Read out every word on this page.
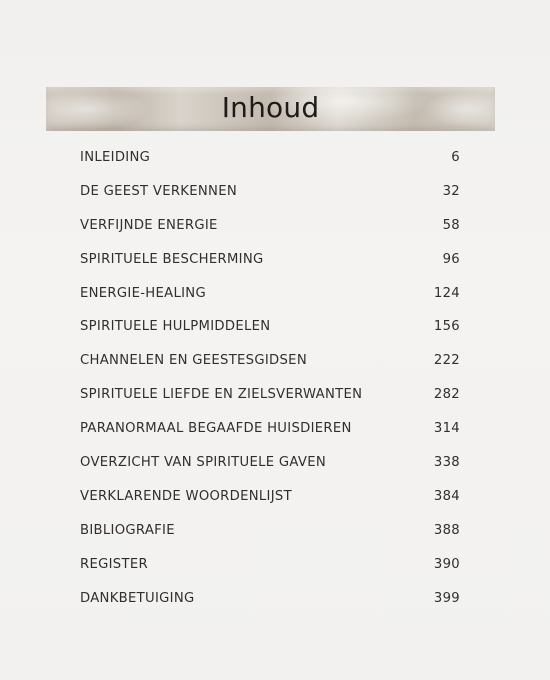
Inhoud
INLEIDING	6
DE GEEST VERKENNEN	32
VERFIJNDE ENERGIE	58
SPIRITUELE BESCHERMING	96
ENERGIE-HEALING	124
SPIRITUELE HULPMIDDELEN	156
CHANNELEN EN GEESTESGIDSEN	222
SPIRITUELE LIEFDE EN ZIELSVERWANTEN	282
PARANORMAAL BEGAAFDE HUISDIEREN	314
OVERZICHT VAN SPIRITUELE GAVEN	338
VERKLARENDE WOORDENLIJST	384
BIBLIOGRAFIE	388
REGISTER	390
DANKBETUIGING	399
